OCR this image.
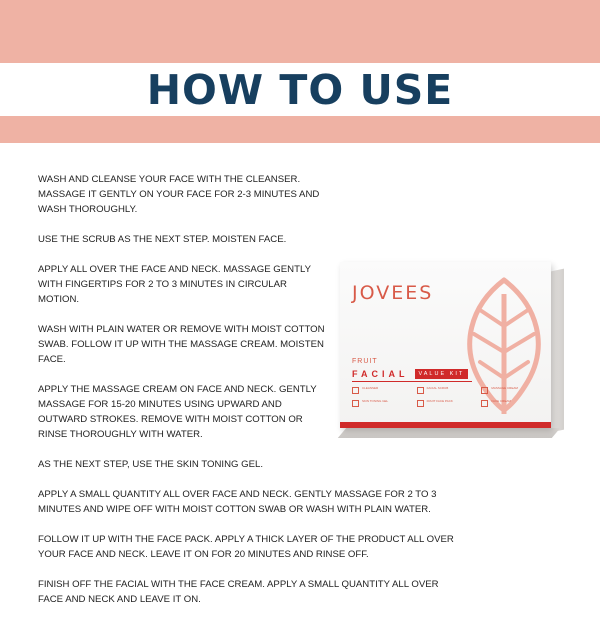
HOW TO USE

WASH AND CLEANSE YOUR FACE WITH THE CLEANSER. MASSAGE IT GENTLY ON YOUR FACE FOR 2-3 MINUTES AND WASH THOROUGHLY.

USE THE SCRUB AS THE NEXT STEP. MOISTEN FACE.

APPLY ALL OVER THE FACE AND NECK. MASSAGE GENTLY WITH FINGERTIPS FOR 2 TO 3 MINUTES IN CIRCULAR MOTION.

WASH WITH PLAIN WATER OR REMOVE WITH MOIST COTTON SWAB. FOLLOW IT UP WITH THE MASSAGE CREAM. MOISTEN FACE.

APPLY THE MASSAGE CREAM ON FACE AND NECK. GENTLY MASSAGE FOR 15-20 MINUTES USING UPWARD AND OUTWARD STROKES. REMOVE WITH MOIST COTTON OR RINSE THOROUGHLY WITH WATER.

AS THE NEXT STEP, USE THE SKIN TONING GEL.

APPLY A SMALL QUANTITY ALL OVER FACE AND NECK. GENTLY MASSAGE FOR 2 TO 3 MINUTES AND WIPE OFF WITH MOIST COTTON SWAB OR WASH WITH PLAIN WATER.

FOLLOW IT UP WITH THE FACE PACK. APPLY A THICK LAYER OF THE PRODUCT ALL OVER YOUR FACE AND NECK. LEAVE IT ON FOR 20 MINUTES AND RINSE OFF.

FINISH OFF THE FACIAL WITH THE FACE CREAM. APPLY A SMALL QUANTITY ALL OVER FACE AND NECK AND LEAVE IT ON.

JOVEES
FRUIT
FACIAL	VALUE KIT
CLEANSER	FACIAL SCRUB	MASSAGE CREAM
SKIN TONING GEL	FRUIT FACE PACK	FACE CREAM
